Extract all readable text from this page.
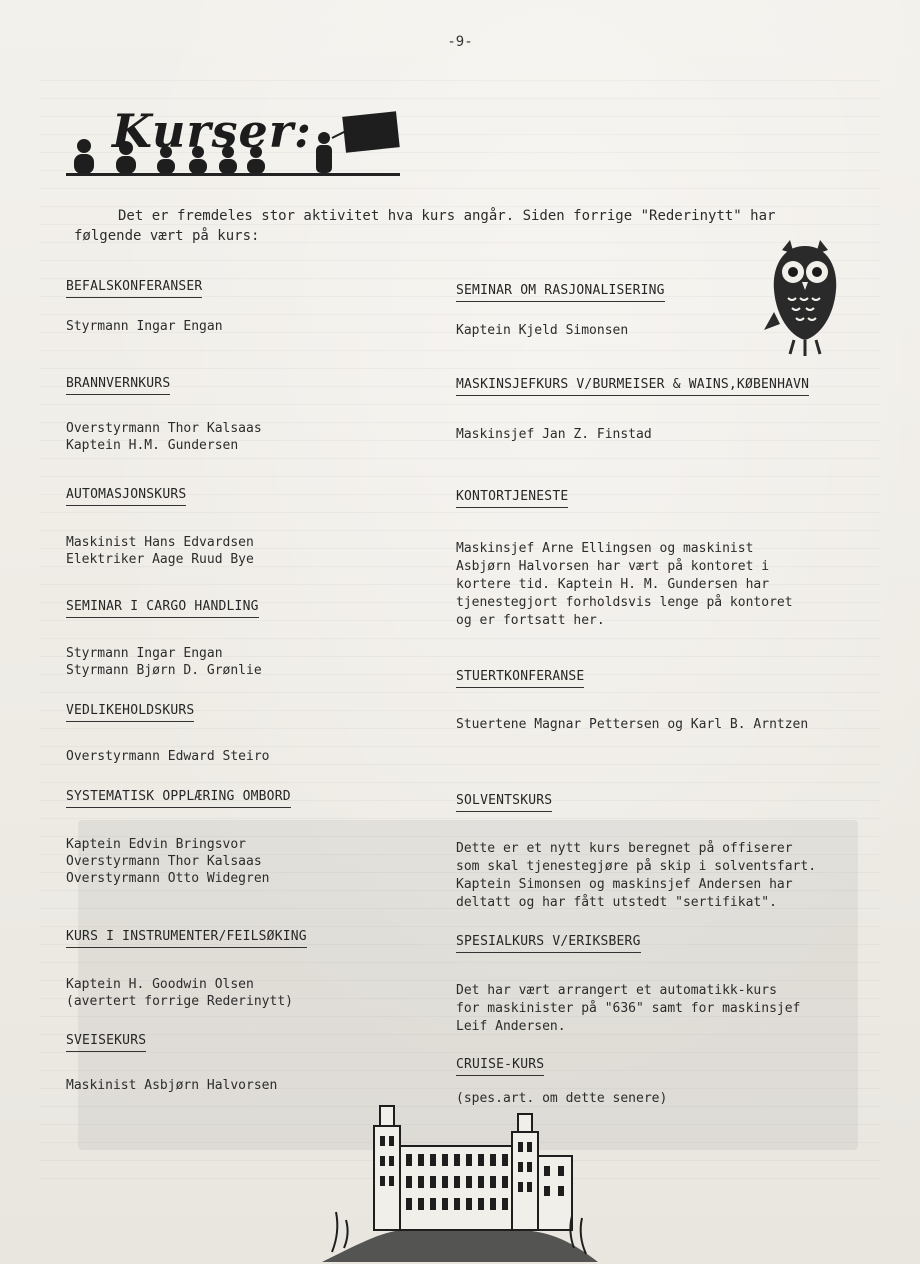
-9-
Kurser:
Det er fremdeles stor aktivitet hva kurs angår. Siden forrige "Rederinytt" har
følgende vært på kurs:
BEFALSKONFERANSER
Styrmann Ingar Engan
BRANNVERNKURS
Overstyrmann Thor Kalsaas
Kaptein H.M. Gundersen
AUTOMASJONSKURS
Maskinist Hans Edvardsen
Elektriker Aage Ruud Bye
SEMINAR I CARGO HANDLING
Styrmann Ingar Engan
Styrmann Bjørn D. Grønlie
VEDLIKEHOLDSKURS
Overstyrmann Edward Steiro
SYSTEMATISK OPPLÆRING OMBORD
Kaptein Edvin Bringsvor
Overstyrmann Thor Kalsaas
Overstyrmann Otto Widegren
KURS I INSTRUMENTER/FEILSØKING
Kaptein H. Goodwin Olsen
(avertert forrige Rederinytt)
SVEISEKURS
Maskinist Asbjørn Halvorsen
SEMINAR OM RASJONALISERING
Kaptein Kjeld Simonsen
MASKINSJEFKURS V/BURMEISER & WAINS,KØBENHAVN
Maskinsjef Jan Z. Finstad
KONTORTJENESTE
Maskinsjef Arne Ellingsen og maskinist
Asbjørn Halvorsen har vært på kontoret i
kortere tid. Kaptein H. M. Gundersen har
tjenestegjort forholdsvis lenge på kontoret
og er fortsatt her.
STUERTKONFERANSE
Stuertene Magnar Pettersen og Karl B. Arntzen
SOLVENTSKURS
Dette er et nytt kurs beregnet på offiserer
som skal tjenestegjøre på skip i solventsfart.
Kaptein Simonsen og maskinsjef Andersen har
deltatt og har fått utstedt "sertifikat".
SPESIALKURS V/ERIKSBERG
Det har vært arrangert et automatikk-kurs
for maskinister på "636" samt for maskinsjef
Leif Andersen.
CRUISE-KURS
(spes.art. om dette senere)
